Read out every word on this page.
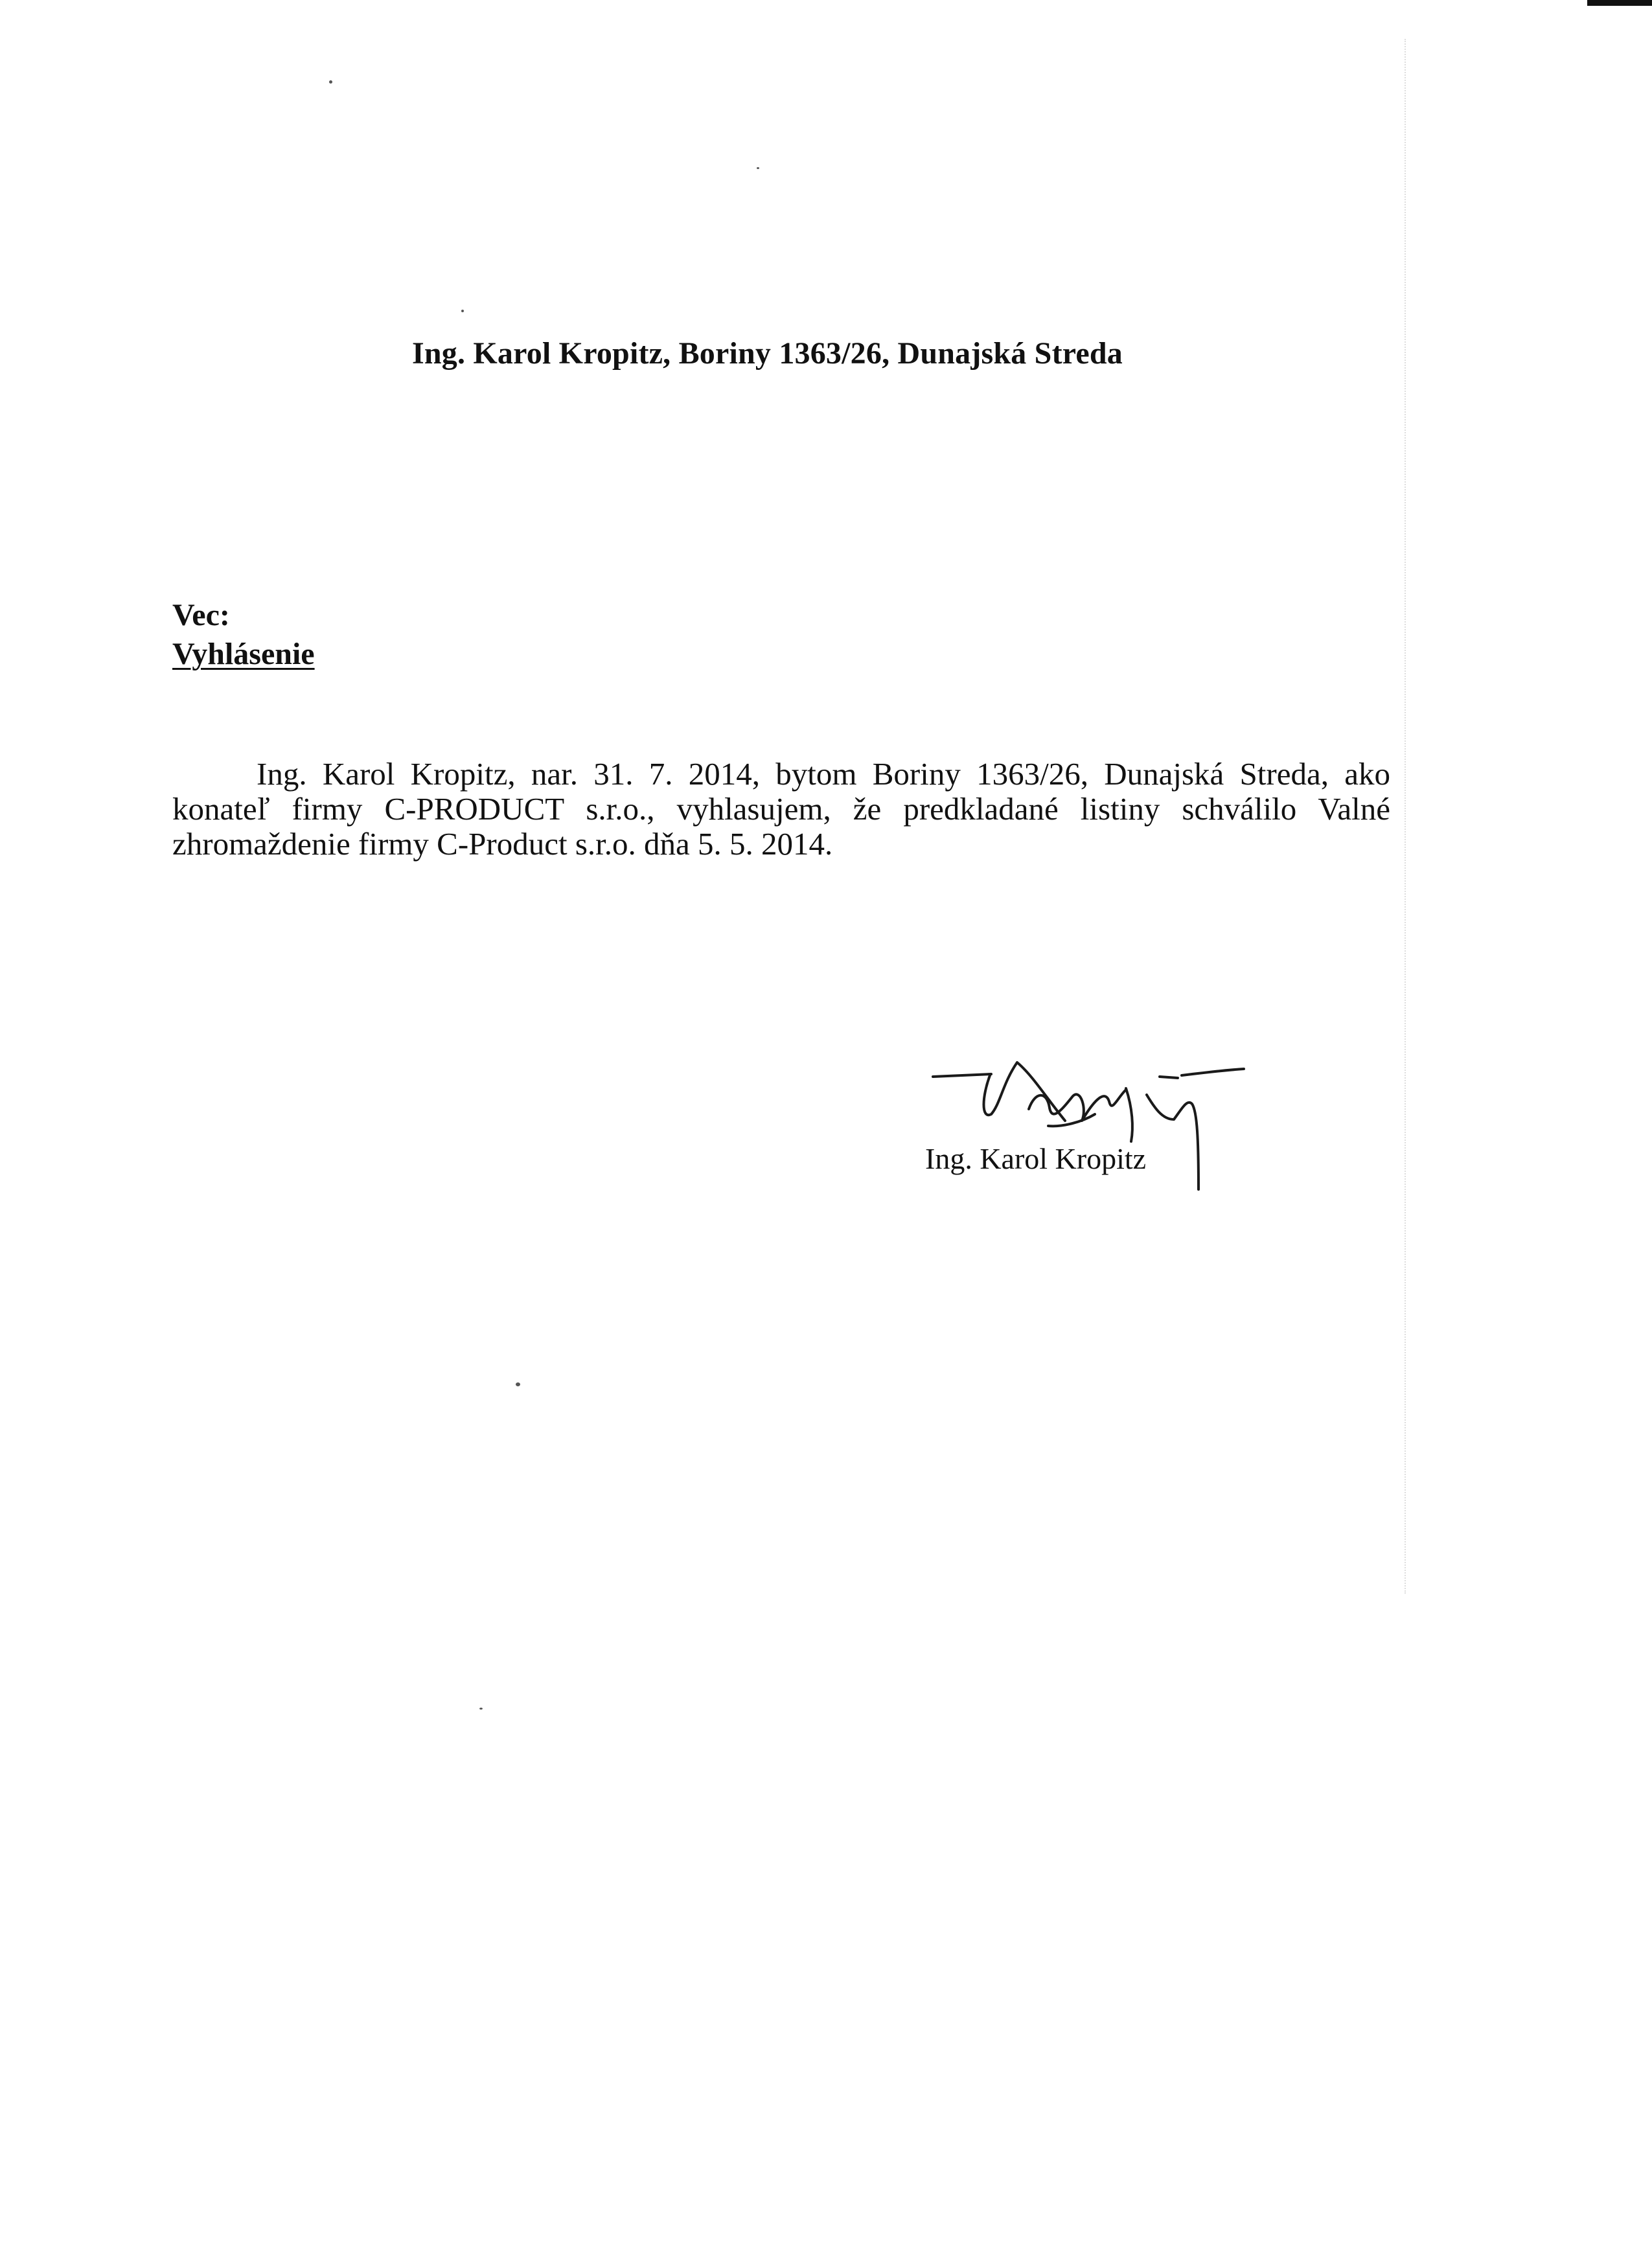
Ing. Karol Kropitz, Boriny 1363/26, Dunajská Streda
Vec:
Vyhlásenie
Ing. Karol Kropitz, nar. 31. 7. 2014, bytom Boriny 1363/26, Dunajská Streda, ako konateľ firmy C-PRODUCT s.r.o., vyhlasujem, že predkladané listiny schválilo Valné zhromaždenie firmy C-Product s.r.o. dňa 5. 5. 2014.
Ing. Karol Kropitz
